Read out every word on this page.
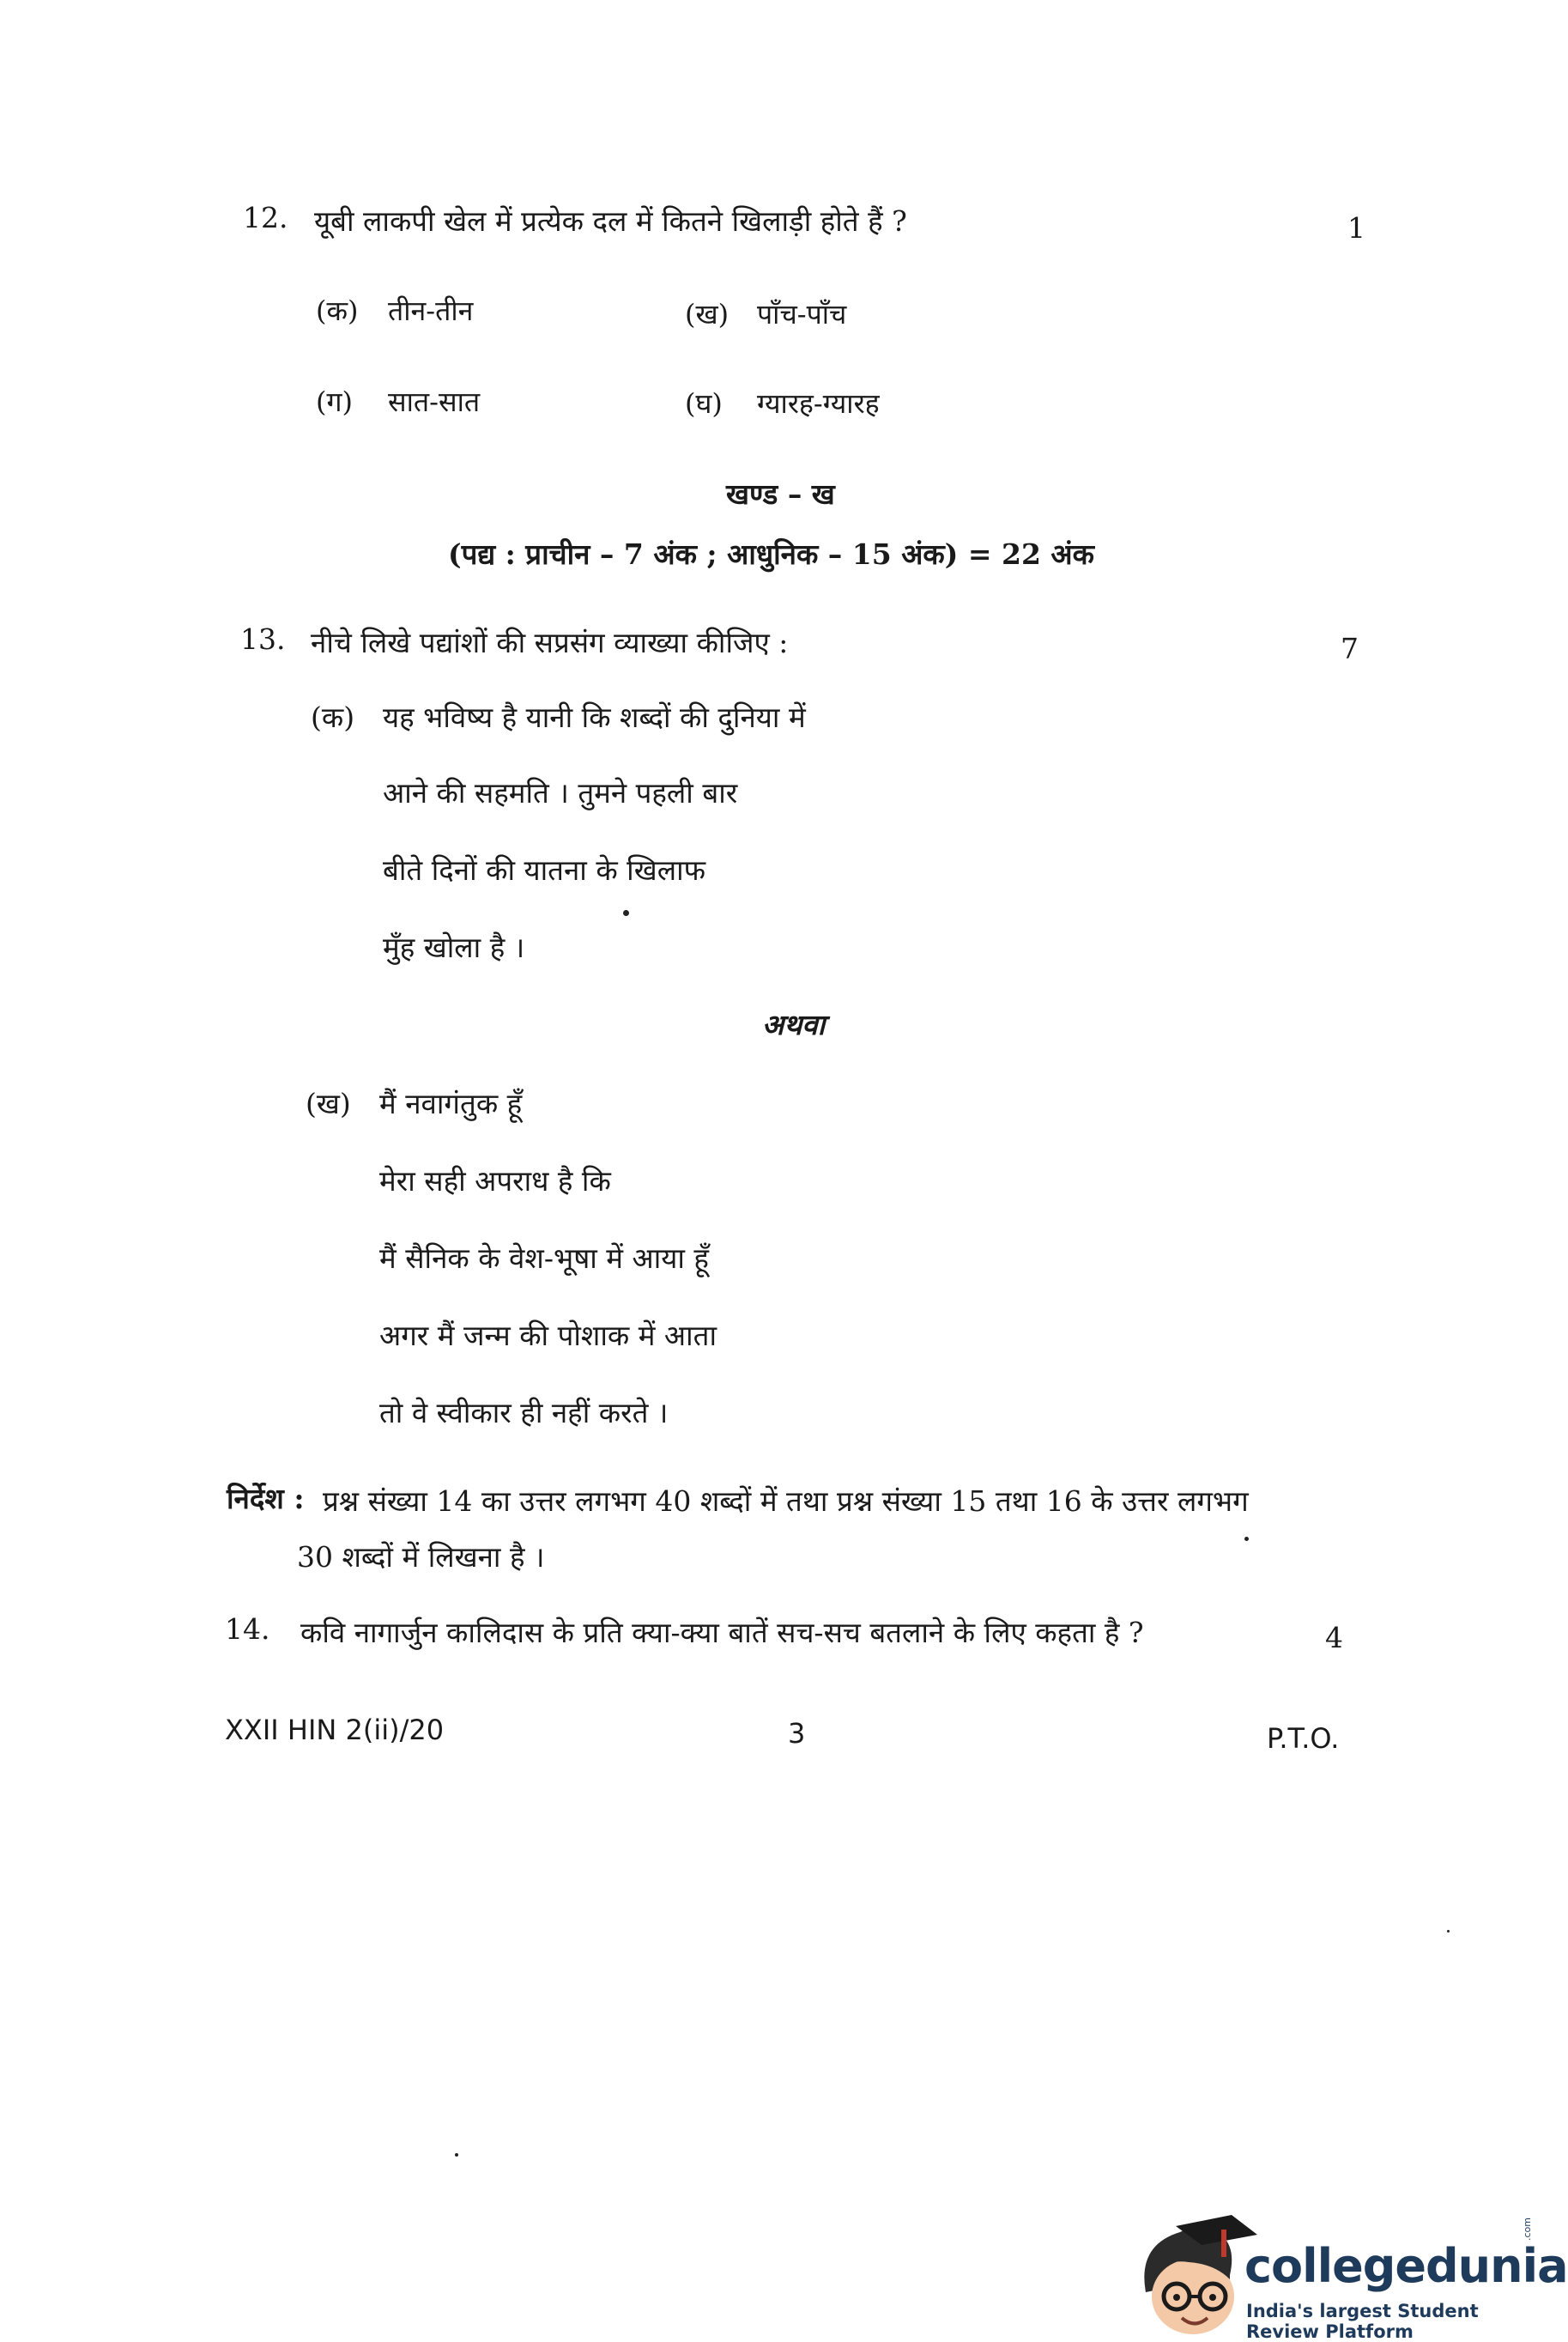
12. यूबी लाकपी खेल में प्रत्येक दल में कितने खिलाड़ी होते हैं ?	1
(क) तीन-तीन	(ख) पाँच-पाँच
(ग) सात-सात	(घ) ग्यारह-ग्यारह
खण्ड – ख
(पद्य : प्राचीन – 7 अंक ; आधुनिक – 15 अंक) = 22 अंक
13. नीचे लिखे पद्यांशों की सप्रसंग व्याख्या कीजिए :	7
(क) यह भविष्य है यानी कि शब्दों की दुनिया में
आने की सहमति । तुमने पहली बार
बीते दिनों की यातना के खिलाफ
मुँह खोला है ।
अथवा
(ख) मैं नवागंतुक हूँ
मेरा सही अपराध है कि
मैं सैनिक के वेश-भूषा में आया हूँ
अगर मैं जन्म की पोशाक में आता
तो वे स्वीकार ही नहीं करते ।
निर्देश : प्रश्न संख्या 14 का उत्तर लगभग 40 शब्दों में तथा प्रश्न संख्या 15 तथा 16 के उत्तर लगभग
30 शब्दों में लिखना है ।
14. कवि नागार्जुन कालिदास के प्रति क्या-क्या बातें सच-सच बतलाने के लिए कहता है ?	4
XXII HIN 2(ii)/20	3	P.T.O.
collegedunia
.com
India's largest Student Review Platform
